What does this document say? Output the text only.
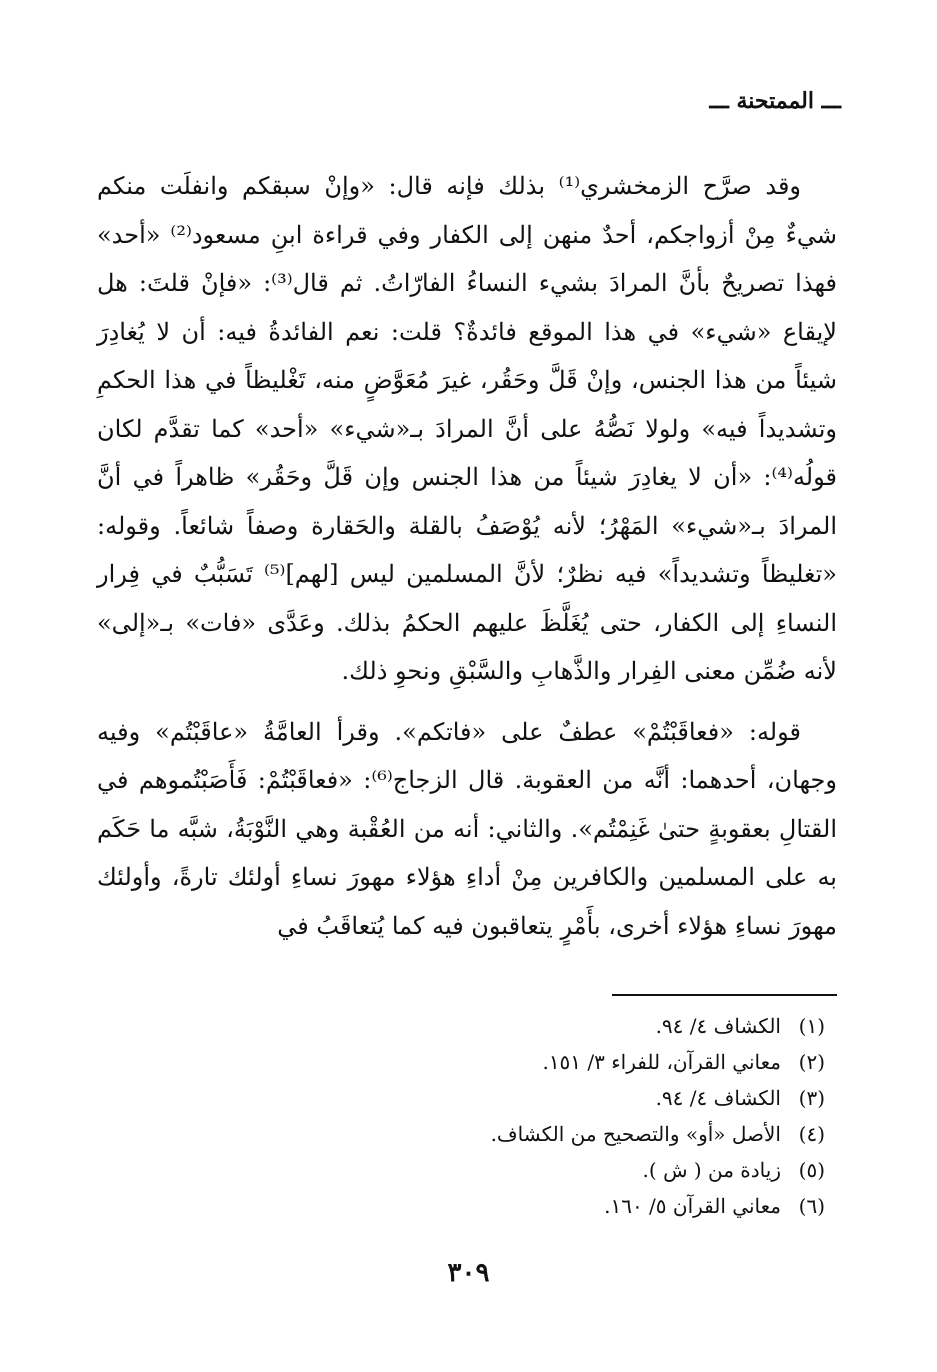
ـــ الممتحنة ـــ

وقد صرَّح الزمخشري⁽¹⁾ بذلك فإنه قال: «وإنْ سبقكم وانفلَت منكم شيءٌ مِنْ أزواجكم، أحدٌ منهن إلى الكفار وفي قراءة ابنِ مسعود⁽²⁾ «أحد» فهذا تصريحٌ بأنَّ المرادَ بشيء النساءُ الفارّاتُ. ثم قال⁽³⁾: «فإنْ قلتَ: هل لإيقاع «شيء» في هذا الموقع فائدةٌ؟ قلت: نعم الفائدةُ فيه: أن لا يُغادِرَ شيئاً من هذا الجنس، وإنْ قَلَّ وحَقُر، غيرَ مُعَوَّضٍ منه، تَغْليظاً في هذا الحكمِ وتشديداً فيه» ولولا نَصُّهُ على أنَّ المرادَ بـ«شيء» «أحد» كما تقدَّم لكان قولُه⁽⁴⁾: «أن لا يغادِرَ شيئاً من هذا الجنس وإن قَلَّ وحَقُر» ظاهراً في أنَّ المرادَ بـ«شيء» المَهْرُ؛ لأنه يُوْصَفُ بالقلة والحَقارة وصفاً شائعاً. وقوله: «تغليظاً وتشديداً» فيه نظرٌ؛ لأنَّ المسلمين ليس [لهم]⁽⁵⁾ تَسَبُّبٌ في فِرار النساءِ إلى الكفار، حتى يُغَلَّظَ عليهم الحكمُ بذلك. وعَدَّى «فات» بـ«إلى» لأنه ضُمِّن معنى الفِرار والذَّهابِ والسَّبْقِ ونحوِ ذلك.

قوله: «فعاقَبْتُمْ» عطفٌ على «فاتكم». وقرأ العامَّةُ «عاقَبْتُم» وفيه وجهان، أحدهما: أنَّه من العقوبة. قال الزجاج⁽⁶⁾: «فعاقَبْتُمْ: فَأَصَبْتُموهم في القتالِ بعقوبةٍ حتىٰ غَنِمْتُم». والثاني: أنه من العُقْبة وهي النَّوْبَةُ، شبَّه ما حَكَم به على المسلمين والكافرين مِنْ أداءِ هؤلاء مهورَ نساءِ أولئك تارةً، وأولئك مهورَ نساءِ هؤلاء أخرى، بأَمْرٍ يتعاقبون فيه كما يُتعاقَبُ في

(١)الكشاف ٤/ ٩٤.
(٢)معاني القرآن، للفراء ٣/ ١٥١.
(٣)الكشاف ٤/ ٩٤.
(٤)الأصل «أو» والتصحيح من الكشاف.
(٥)زيادة من ( ش ).
(٦)معاني القرآن ٥/ ١٦٠.
٣٠٩
